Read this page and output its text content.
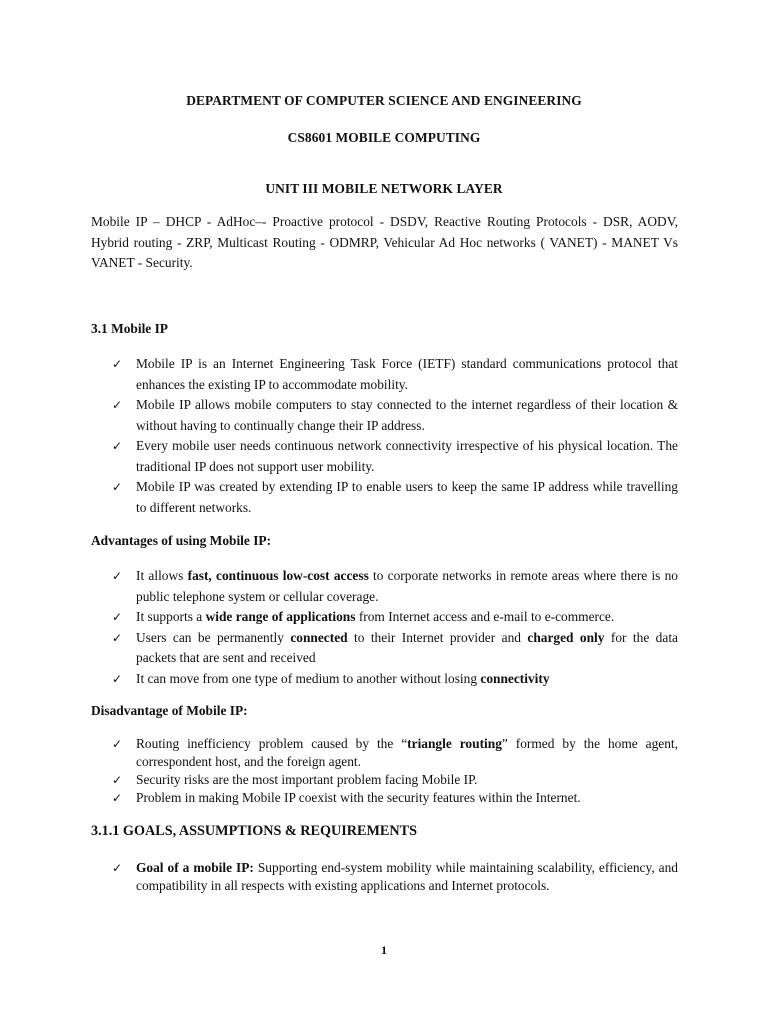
DEPARTMENT OF COMPUTER SCIENCE AND ENGINEERING
CS8601 MOBILE COMPUTING
UNIT III MOBILE NETWORK LAYER
Mobile IP – DHCP - AdHoc–- Proactive protocol - DSDV, Reactive Routing Protocols - DSR, AODV, Hybrid routing - ZRP, Multicast Routing - ODMRP, Vehicular Ad Hoc networks ( VANET) - MANET Vs VANET - Security.
3.1 Mobile IP
✓ Mobile IP is an Internet Engineering Task Force (IETF) standard communications protocol that enhances the existing IP to accommodate mobility.
✓ Mobile IP allows mobile computers to stay connected to the internet regardless of their location & without having to continually change their IP address.
✓ Every mobile user needs continuous network connectivity irrespective of his physical location. The traditional IP does not support user mobility.
✓ Mobile IP was created by extending IP to enable users to keep the same IP address while travelling to different networks.
Advantages of using Mobile IP:
✓ It allows fast, continuous low-cost access to corporate networks in remote areas where there is no public telephone system or cellular coverage.
✓ It supports a wide range of applications from Internet access and e-mail to e-commerce.
✓ Users can be permanently connected to their Internet provider and charged only for the data packets that are sent and received
✓ It can move from one type of medium to another without losing connectivity
Disadvantage of Mobile IP:
✓ Routing inefficiency problem caused by the “triangle routing” formed by the home agent, correspondent host, and the foreign agent.
✓ Security risks are the most important problem facing Mobile IP.
✓ Problem in making Mobile IP coexist with the security features within the Internet.
3.1.1 GOALS, ASSUMPTIONS & REQUIREMENTS
✓ Goal of a mobile IP: Supporting end-system mobility while maintaining scalability, efficiency, and compatibility in all respects with existing applications and Internet protocols.
1
